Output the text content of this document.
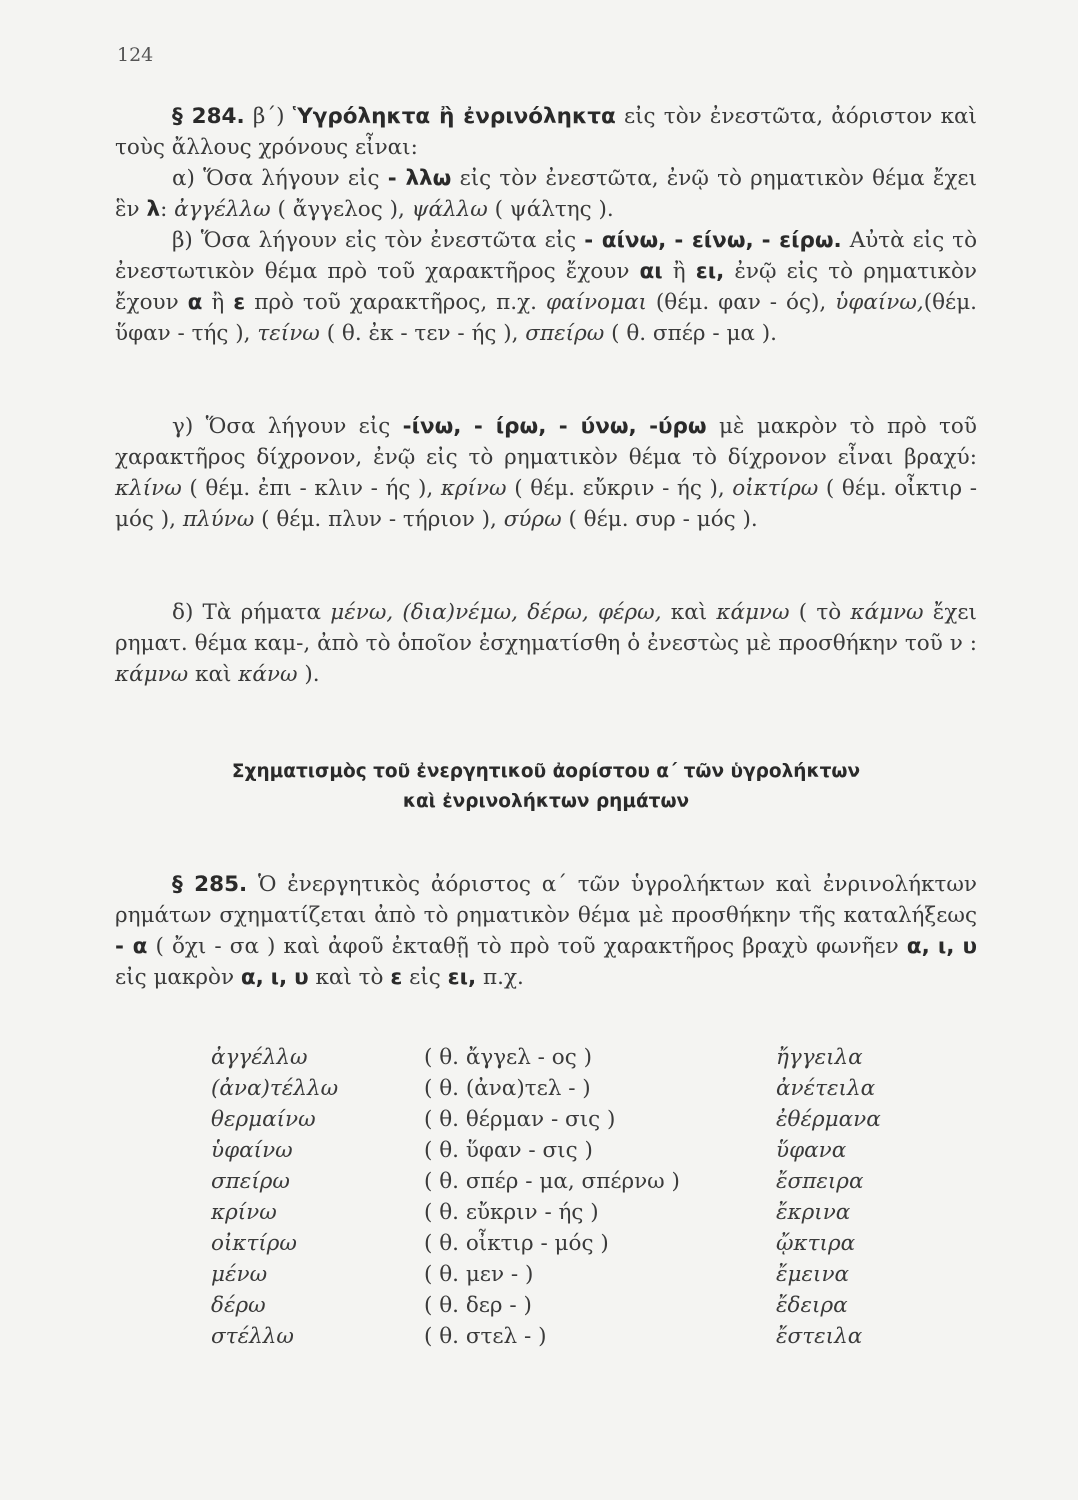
124
§ 284. β΄) Ὑγρόληκτα ἢ ἐνρινόληκτα εἰς τὸν ἐνεστῶτα, ἀόριστον καὶ τοὺς ἄλλους χρόνους εἶναι:
α) Ὅσα λήγουν εἰς - λλω εἰς τὸν ἐνεστῶτα, ἐνῷ τὸ ρηματικὸν θέμα ἔχει ἓν λ: ἀγγέλλω ( ἄγγελος ), ψάλλω ( ψάλτης ).
β) Ὅσα λήγουν εἰς τὸν ἐνεστῶτα εἰς - αίνω, - είνω, - είρω. Αὐτὰ εἰς τὸ ἐνεστωτικὸν θέμα πρὸ τοῦ χαρακτῆρος ἔχουν αι ἢ ει, ἐνῷ εἰς τὸ ρηματικὸν ἔχουν α ἢ ε πρὸ τοῦ χαρακτῆρος, π.χ. φαίνομαι (θέμ. φαν - ός), ὑφαίνω,(θέμ. ὕφαν - τής ), τείνω ( θ. ἐκ - τεν - ής ), σπείρω ( θ. σπέρ - μα ).
γ) Ὅσα λήγουν εἰς -ίνω, - ίρω, - ύνω, -ύρω μὲ μακρὸν τὸ πρὸ τοῦ χαρακτῆρος δίχρονον, ἐνῷ εἰς τὸ ρηματικὸν θέμα τὸ δίχρονον εἶναι βραχύ: κλίνω ( θέμ. ἐπι - κλιν - ής ), κρίνω ( θέμ. εὔκριν - ής ), οἰκτίρω ( θέμ. οἶκτιρ - μός ), πλύνω ( θέμ. πλυν - τήριον ), σύρω ( θέμ. συρ - μός ).
δ) Τὰ ρήματα μένω, (δια)νέμω, δέρω, φέρω, καὶ κάμνω ( τὸ κάμνω ἔχει ρηματ. θέμα καμ-, ἀπὸ τὸ ὁποῖον ἐσχηματίσθη ὁ ἐνεστὼς μὲ προσθήκην τοῦ ν : κάμνω καὶ κάνω ).
Σχηματισμὸς τοῦ ἐνεργητικοῦ ἀορίστου α΄ τῶν ὑγρολήκτων
καὶ ἐνρινολήκτων ρημάτων
§ 285. Ὁ ἐνεργητικὸς ἀόριστος α΄ τῶν ὑγρολήκτων καὶ ἐνρινολήκτων ρημάτων σχηματίζεται ἀπὸ τὸ ρηματικὸν θέμα μὲ προσθήκην τῆς καταλήξεως - α ( ὄχι - σα ) καὶ ἀφοῦ ἐκταθῇ τὸ πρὸ τοῦ χαρακτῆρος βραχὺ φωνῆεν α, ι, υ εἰς μακρὸν α, ι, υ καὶ τὸ ε εἰς ει, π.χ.
ἀγγέλλω	( θ. ἄγγελ - ος )	ἤγγειλα
(ἀνα)τέλλω	( θ. (ἀνα)τελ - )	ἀνέτειλα
θερμαίνω	( θ. θέρμαν - σις )	ἐθέρμανα
ὑφαίνω	( θ. ὕφαν - σις )	ὕφανα
σπείρω	( θ. σπέρ - μα, σπέρνω )	ἔσπειρα
κρίνω	( θ. εὔκριν - ής )	ἔκρινα
οἰκτίρω	( θ. οἶκτιρ - μός )	ᾤκτιρα
μένω	( θ. μεν - )	ἔμεινα
δέρω	( θ. δερ - )	ἔδειρα
στέλλω	( θ. στελ - )	ἔστειλα
